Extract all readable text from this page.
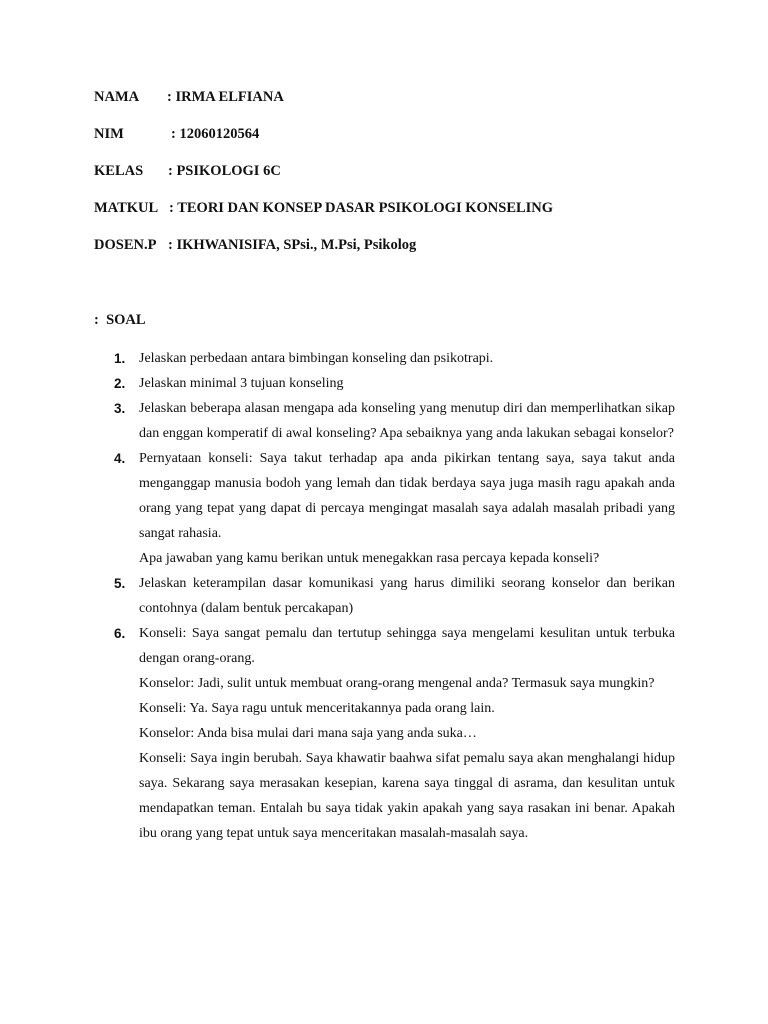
NAMA : IRMA ELFIANA
NIM	: 12060120564
KELAS : PSIKOLOGI 6C
MATKUL : TEORI DAN KONSEP DASAR PSIKOLOGI KONSELING
DOSEN.P : IKHWANISIFA, SPsi., M.Psi, Psikolog
:  SOAL
1. Jelaskan perbedaan antara bimbingan konseling dan psikotrapi.
2. Jelaskan minimal 3 tujuan konseling
3. Jelaskan beberapa alasan mengapa ada konseling yang menutup diri dan memperlihatkan sikap dan enggan komperatif di awal konseling? Apa sebaiknya yang anda lakukan sebagai konselor?
4. Pernyataan konseli: Saya takut terhadap apa anda pikirkan tentang saya, saya takut anda menganggap manusia bodoh yang lemah dan tidak berdaya saya juga masih ragu apakah anda orang yang tepat yang dapat di percaya mengingat masalah saya adalah masalah pribadi yang sangat rahasia.
Apa jawaban yang kamu berikan untuk menegakkan rasa percaya kepada konseli?
5. Jelaskan keterampilan dasar komunikasi yang harus dimiliki seorang konselor dan berikan contohnya (dalam bentuk percakapan)
6. Konseli: Saya sangat pemalu dan tertutup sehingga saya mengelami kesulitan untuk terbuka dengan orang-orang.
Konselor: Jadi, sulit untuk membuat orang-orang mengenal anda? Termasuk saya mungkin?
Konseli: Ya. Saya ragu untuk menceritakannya pada orang lain.
Konselor: Anda bisa mulai dari mana saja yang anda suka…
Konseli: Saya ingin berubah. Saya khawatir baahwa sifat pemalu saya akan menghalangi hidup saya. Sekarang saya merasakan kesepian, karena saya tinggal di asrama, dan kesulitan untuk mendapatkan teman. Entalah bu saya tidak yakin apakah yang saya rasakan ini benar. Apakah ibu orang yang tepat untuk saya menceritakan masalah-masalah saya.
